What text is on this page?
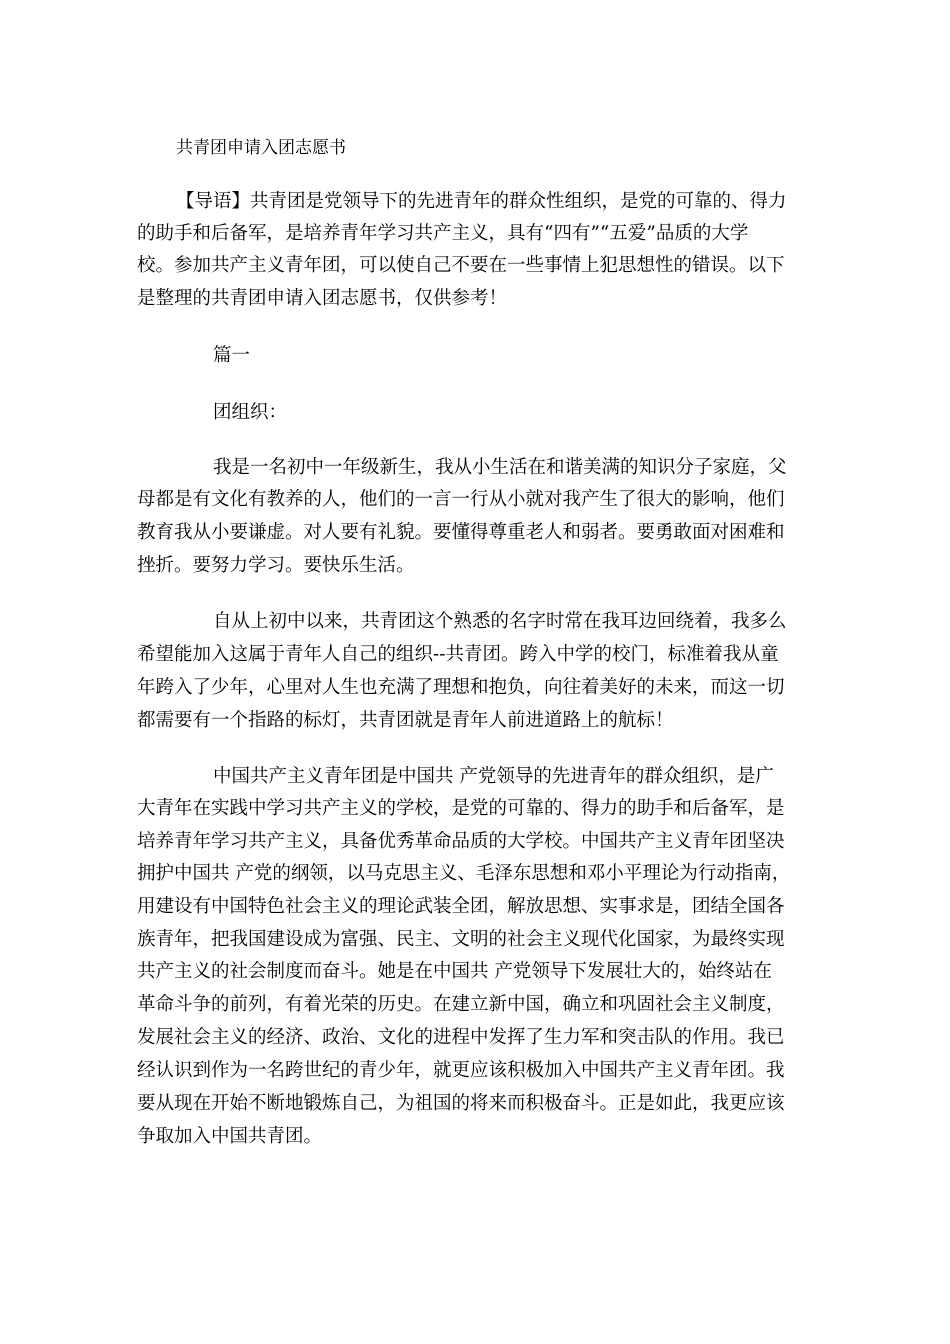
共青团申请入团志愿书

【导语】共青团是党领导下的先进青年的群众性组织，是党的可靠的、得力

的助手和后备军，是培养青年学习共产主义，具有“四有”“五爱”品质的大学

校。参加共产主义青年团，可以使自己不要在一些事情上犯思想性的错误。以下

是整理的共青团申请入团志愿书，仅供参考！

篇一

团组织：

我是一名初中一年级新生，我从小生活在和谐美满的知识分子家庭，父

母都是有文化有教养的人，他们的一言一行从小就对我产生了很大的影响，他们

教育我从小要谦虚。对人要有礼貌。要懂得尊重老人和弱者。要勇敢面对困难和

挫折。要努力学习。要快乐生活。

自从上初中以来，共青团这个熟悉的名字时常在我耳边回绕着，我多么

希望能加入这属于青年人自己的组织--共青团。跨入中学的校门，标准着我从童

年跨入了少年，心里对人生也充满了理想和抱负，向往着美好的未来，而这一切

都需要有一个指路的标灯，共青团就是青年人前进道路上的航标！

中国共产主义青年团是中国共 产党领导的先进青年的群众组织，是广

大青年在实践中学习共产主义的学校，是党的可靠的、得力的助手和后备军，是

培养青年学习共产主义，具备优秀革命品质的大学校。中国共产主义青年团坚决

拥护中国共 产党的纲领，以马克思主义、毛泽东思想和邓小平理论为行动指南，

用建设有中国特色社会主义的理论武装全团，解放思想、实事求是，团结全国各

族青年，把我国建设成为富强、民主、文明的社会主义现代化国家，为最终实现

共产主义的社会制度而奋斗。她是在中国共 产党领导下发展壮大的，始终站在

革命斗争的前列，有着光荣的历史。在建立新中国，确立和巩固社会主义制度，

发展社会主义的经济、政治、文化的进程中发挥了生力军和突击队的作用。我已

经认识到作为一名跨世纪的青少年，就更应该积极加入中国共产主义青年团。我

要从现在开始不断地锻炼自己，为祖国的将来而积极奋斗。正是如此，我更应该

争取加入中国共青团。
